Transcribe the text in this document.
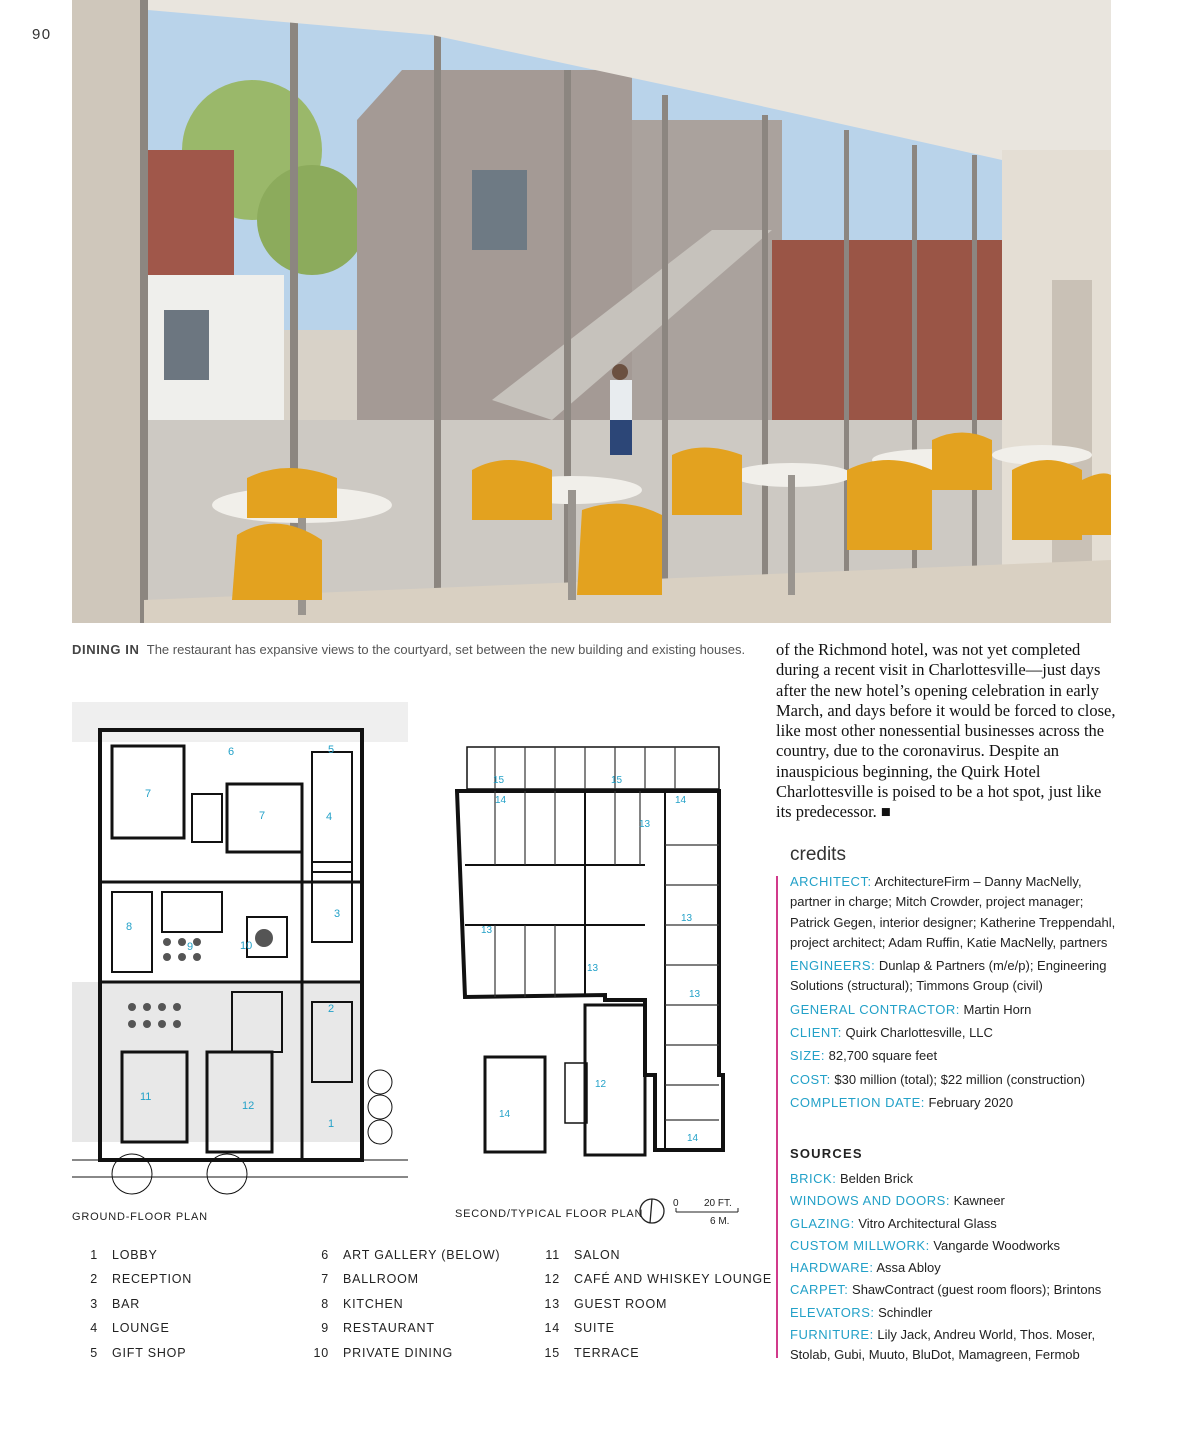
90
DINING IN The restaurant has expansive views to the courtyard, set between the new building and existing houses.	of the Richmond hotel, was not yet completed during a recent visit in Charlottesville—just days after the new hotel’s opening celebration in early March, and days before it would be forced to close, like most other nonessential businesses across the country, due to the coronavirus. Despite an inauspicious beginning, the Quirk Hotel Charlottesville is poised to be a hot spot, just like its predecessor. ■
credits
ARCHITECT: ArchitectureFirm – Danny MacNelly, partner in charge; Mitch Crowder, project manager; Patrick Gegen, interior designer; Katherine Treppendahl, project architect; Adam Ruffin, Katie MacNelly, partners
ENGINEERS: Dunlap & Partners (m/e/p); Engineering Solutions (structural); Timmons Group (civil)
GENERAL CONTRACTOR: Martin Horn
CLIENT: Quirk Charlottesville, LLC
SIZE: 82,700 square feet
COST: $30 million (total); $22 million (construction)
COMPLETION DATE: February 2020
SOURCES
BRICK: Belden Brick
WINDOWS AND DOORS: Kawneer
GLAZING: Vitro Architectural Glass
CUSTOM MILLWORK: Vangarde Woodworks
HARDWARE: Assa Abloy
CARPET: ShawContract (guest room floors); Brintons
ELEVATORS: Schindler
FURNITURE: Lily Jack, Andreu World, Thos. Moser, Stolab, Gubi, Muuto, BluDot, Mamagreen, Fermob
1
2
3
4
5
6
7
7
8
9	10
11
12
GROUND-FLOOR PLAN
15	15
14	14
13
13
13
13
13
14
12
14
SECOND/TYPICAL FLOOR PLAN
0	20 FT.
6 M.
1 LOBBY
2 RECEPTION
3 BAR
4 LOUNGE
5 GIFT SHOP
6 ART GALLERY (BELOW)
7 BALLROOM
8 KITCHEN
9 RESTAURANT
10 PRIVATE DINING
11 SALON
12 CAFÉ AND WHISKEY LOUNGE
13 GUEST ROOM
14 SUITE
15 TERRACE
